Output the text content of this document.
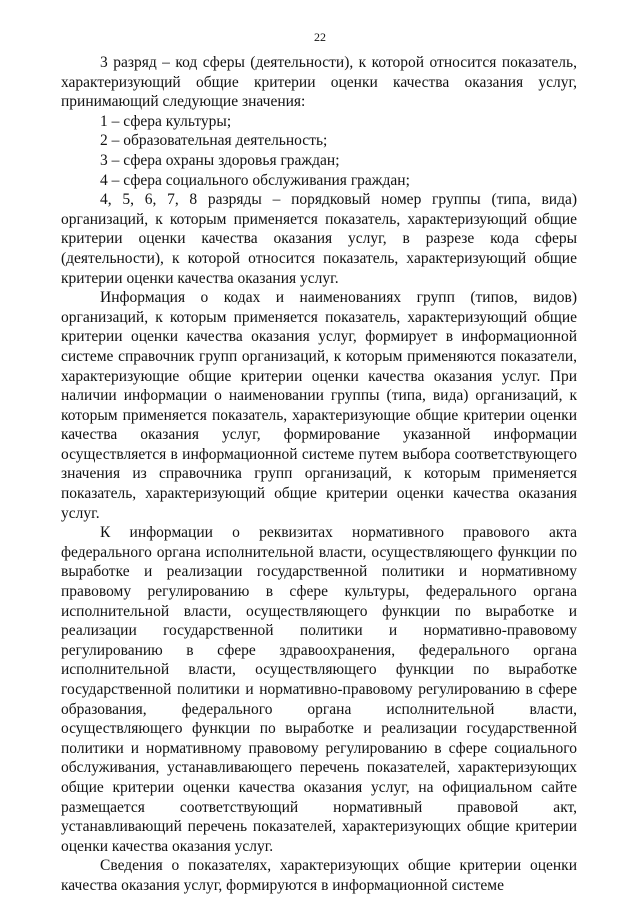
22

3 разряд – код сферы (деятельности), к которой относится показатель, характеризующий общие критерии оценки качества оказания услуг, принимающий следующие значения:

1 – сфера культуры;

2 – образовательная деятельность;

3 – сфера охраны здоровья граждан;

4 – сфера социального обслуживания граждан;

4, 5, 6, 7, 8 разряды – порядковый номер группы (типа, вида) организаций, к которым применяется показатель, характеризующий общие критерии оценки качества оказания услуг, в разрезе кода сферы (деятельности), к которой относится показатель, характеризующий общие критерии оценки качества оказания услуг.

Информация о кодах и наименованиях групп (типов, видов) организаций, к которым применяется показатель, характеризующий общие критерии оценки качества оказания услуг, формирует в информационной системе справочник групп организаций, к которым применяются показатели, характеризующие общие критерии оценки качества оказания услуг. При наличии информации о наименовании группы (типа, вида) организаций, к которым применяется показатель, характеризующие общие критерии оценки качества оказания услуг, формирование указанной информации осуществляется в информационной системе путем выбора соответствующего значения из справочника групп организаций, к которым применяется показатель, характеризующий общие критерии оценки качества оказания услуг.

К информации о реквизитах нормативного правового акта федерального органа исполнительной власти, осуществляющего функции по выработке и реализации государственной политики и нормативному правовому регулированию в сфере культуры, федерального органа исполнительной власти, осуществляющего функции по выработке и реализации государственной политики и нормативно-правовому регулированию в сфере здравоохранения, федерального органа исполнительной власти, осуществляющего функции по выработке государственной политики и нормативно-правовому регулированию в сфере образования, федерального органа исполнительной власти, осуществляющего функции по выработке и реализации государственной политики и нормативному правовому регулированию в сфере социального обслуживания, устанавливающего перечень показателей, характеризующих общие критерии оценки качества оказания услуг, на официальном сайте размещается соответствующий нормативный правовой акт, устанавливающий перечень показателей, характеризующих общие критерии оценки качества оказания услуг.

Сведения о показателях, характеризующих общие критерии оценки качества оказания услуг, формируются в информационной системе
